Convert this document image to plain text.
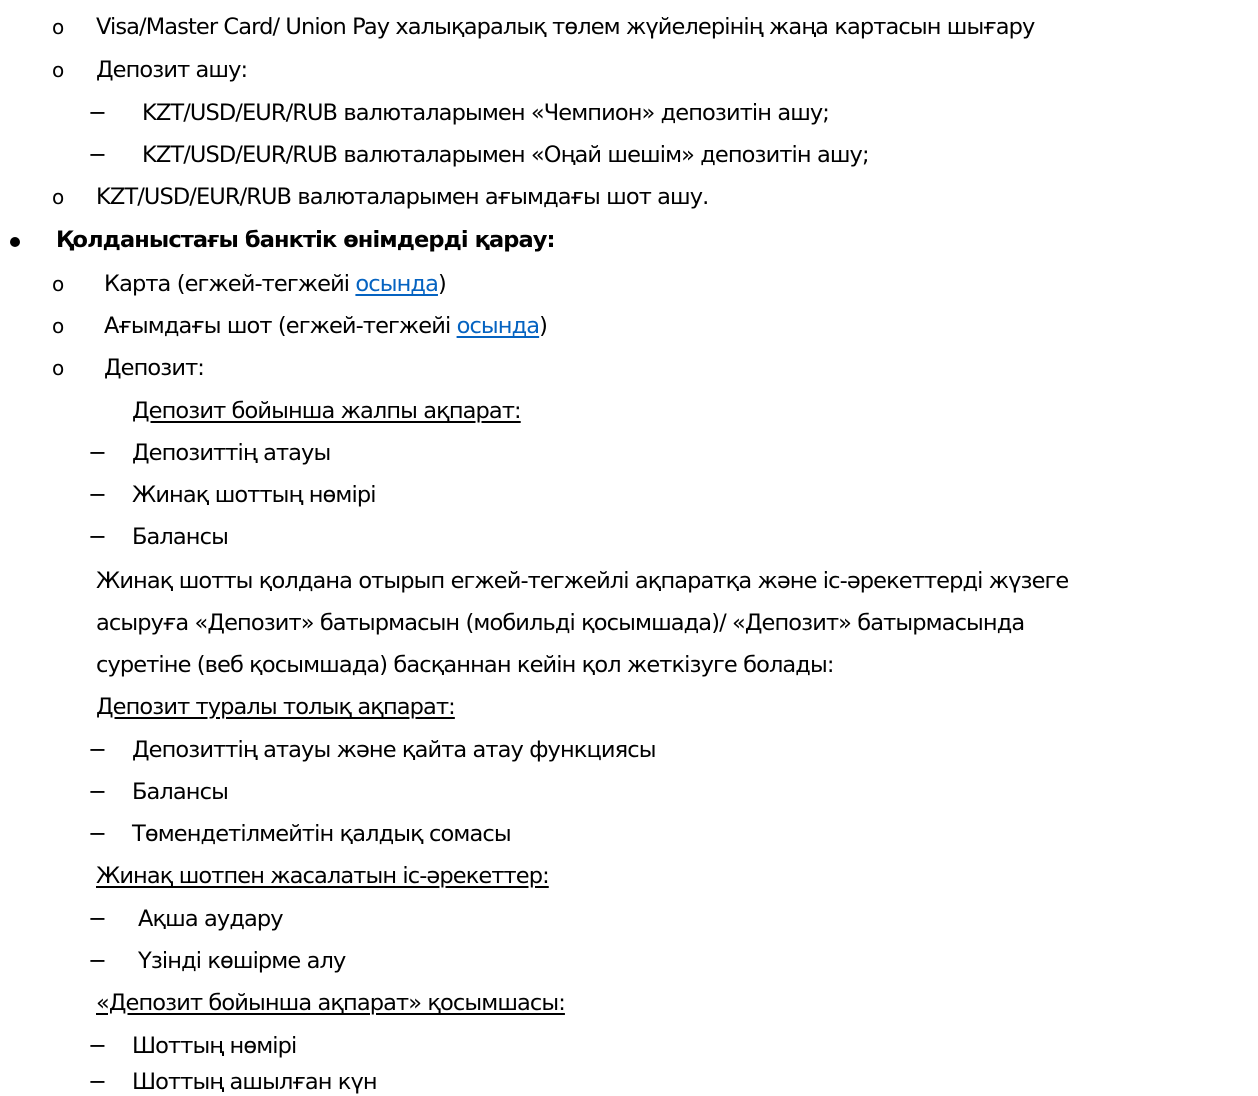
o Visa/Master Card/ Union Pay халықаралық төлем жүйелерінің жаңа картасын шығару
o Депозит ашу:
− KZT/USD/EUR/RUB валюталарымен «Чемпион» депозитін ашу;
− KZT/USD/EUR/RUB валюталарымен «Оңай шешім» депозитін ашу;
o KZT/USD/EUR/RUB валюталарымен ағымдағы шот ашу.
Қолданыстағы банктік өнімдерді қарау:
o Карта (егжей-тегжейі осында)
o Ағымдағы шот (егжей-тегжейі осында)
o Депозит:
Депозит бойынша жалпы ақпарат:
− Депозиттің атауы
− Жинақ шоттың нөмірі
− Балансы
Жинақ шотты қолдана отырып егжей-тегжейлі ақпаратқа және іс-әрекеттерді жүзеге
асыруға «Депозит» батырмасын (мобильді қосымшада)/ «Депозит» батырмасында
суретіне (веб қосымшада) басқаннан кейін қол жеткізуге болады:
Депозит туралы толық ақпарат:
− Депозиттің атауы және қайта атау функциясы
− Балансы
− Төмендетілмейтін қалдық сомасы
Жинақ шотпен жасалатын іс-әрекеттер:
− Ақша аудару
− Үзінді көшірме алу
«Депозит бойынша ақпарат» қосымшасы:
− Шоттың нөмірі
− Шоттың ашылған күн
